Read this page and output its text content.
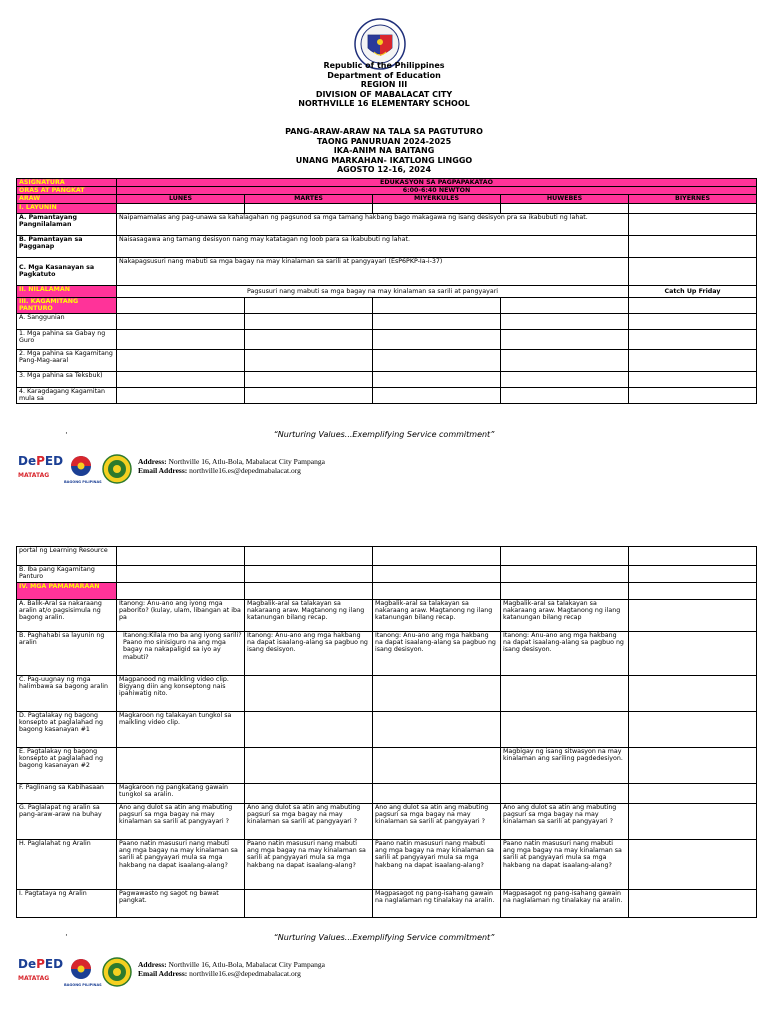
Republic of the Philippines
Department of Education
REGION III
DIVISION OF MABALACAT CITY
NORTHVILLE 16 ELEMENTARY SCHOOL
PANG-ARAW-ARAW NA TALA SA PAGTUTURO
TAONG PANURUAN 2024-2025
IKA-ANIM NA BAITANG
UNANG MARKAHAN- IKATLONG LINGGO
AGOSTO 12-16, 2024
ASIGNATURA	EDUKASYON SA PAGPAPAKATAO				
ORAS AT PANGKAT	6:00-6:40 NEWTON				
ARAW	LUNES	MARTES	MIYERKULES	HUWEBES	BIYERNES
I. LAYUNIN					
A. Pamantayang Pangnilalaman	Naipamamalas ang pag-unawa sa kahalagahan ng pagsunod sa mga tamang hakbang bago makagawa ng isang desisyon pra sa ikabubuti ng lahat.				
B. Pamantayan sa Pagganap	Naisasagawa ang tamang desisyon nang may katatagan ng loob para sa ikabubuti ng lahat.				
C. Mga Kasanayan sa Pagkatuto	Nakapagsusuri nang mabuti sa mga bagay na may kinalaman sa sarili at pangyayari (EsP6PKP-Ia-i-37)				
II. NILALAMAN	Pagsusuri nang mabuti sa mga bagay na may kinalaman sa sarili at pangyayari				Catch Up Friday
III. KAGAMITANG PANTURO					
A. Sanggunian					
1. Mga pahina sa Gabay ng Guro					
2. Mga pahina sa Kagamitang Pang-Mag-aaral					
3. Mga pahina sa Teksbuk)					
4. Karagdagang Kagamitan mula sa					
·	“Nurturing Values...Exemplifying Service commitment”
DePED
MATATAG
BAGONG PILIPINAS
Address: Northville 16, Atlu-Bola, Mabalacat City Pampanga
Email Address: northville16.es@depedmabalacat.org
portal ng Learning Resource					
B. Iba pang Kagamitang Panturo					
IV. MGA PAMAMARAAN					
A. Balik-Aral sa nakaraang aralin at/o pagsisimula ng bagong aralin.	Itanong: Anu-ano ang iyong mga paborito? (kulay, ulam, libangan at iba pa	Magbalik-aral sa talakayan sa nakaraang araw. Magtanong ng ilang katanungan bilang recap.	Magbalik-aral sa talakayan sa nakaraang araw. Magtanong ng ilang katanungan bilang recap.	Magbalik-aral sa talakayan sa nakaraang araw. Magtanong ng ilang katanungan bilang recap	
B. Paghahabi sa layunin ng aralin	Itanong:Kilala mo ba ang iyong sarili? Paano mo sinisiguro na ang mga bagay na nakapaligid sa iyo ay mabuti?	Itanong: Anu-ano ang mga hakbang na dapat isaalang-alang sa pagbuo ng isang desisyon.	Itanong: Anu-ano ang mga hakbang na dapat isaalang-alang sa pagbuo ng isang desisyon.	Itanong: Anu-ano ang mga hakbang na dapat isaalang-alang sa pagbuo ng isang desisyon.	
C. Pag-uugnay ng mga halimbawa sa bagong aralin	Magpanood ng maikling video clip. Bigyang diin ang konseptong nais ipahiwatig nito.				
D. Pagtalakay ng bagong konsepto at paglalahad ng bagong kasanayan #1	Magkaroon ng talakayan tungkol sa maikling video clip.				
E. Pagtalakay ng bagong konsepto at paglalahad ng bagong kasanayan #2				Magbigay ng isang sitwasyon na may kinalaman ang sariling pagdedesiyon.	
F. Paglinang sa Kabihasaan	Magkaroon ng pangkatang gawain tungkol sa aralin.				
G. Paglalapat ng aralin sa pang-araw-araw na buhay	Ano ang dulot sa atin ang mabuting pagsuri sa mga bagay na may kinalaman sa sarili at pangyayari ?	Ano ang dulot sa atin ang mabuting pagsuri sa mga bagay na may kinalaman sa sarili at pangyayari ?	Ano ang dulot sa atin ang mabuting pagsuri sa mga bagay na may kinalaman sa sarili at pangyayari ?	Ano ang dulot sa atin ang mabuting pagsuri sa mga bagay na may kinalaman sa sarili at pangyayari ?	
H. Paglalahat ng Aralin	Paano natin masusuri nang mabuti ang mga bagay na may kinalaman sa sarili at pangyayari mula sa mga hakbang na dapat isaalang-alang?	Paano natin masusuri nang mabuti ang mga bagay na may kinalaman sa sarili at pangyayari mula sa mga hakbang na dapat isaalang-alang?	Paano natin masusuri nang mabuti ang mga bagay na may kinalaman sa sarili at pangyayari mula sa mga hakbang na dapat isaalang-alang?	Paano natin masusuri nang mabuti ang mga bagay na may kinalaman sa sarili at pangyayari mula sa mga hakbang na dapat isaalang-alang?	
I. Pagtataya ng Aralin	Pagwawasto ng sagot ng bawat pangkat.		Magpasagot ng pang-isahang gawain na naglalaman ng tinalakay na aralin.	Magpasagot ng pang-isahang gawain na naglalaman ng tinalakay na aralin.	
·	“Nurturing Values...Exemplifying Service commitment”
DePED
MATATAG
BAGONG PILIPINAS
Address: Northville 16, Atlu-Bola, Mabalacat City Pampanga
Email Address: northville16.es@depedmabalacat.org
